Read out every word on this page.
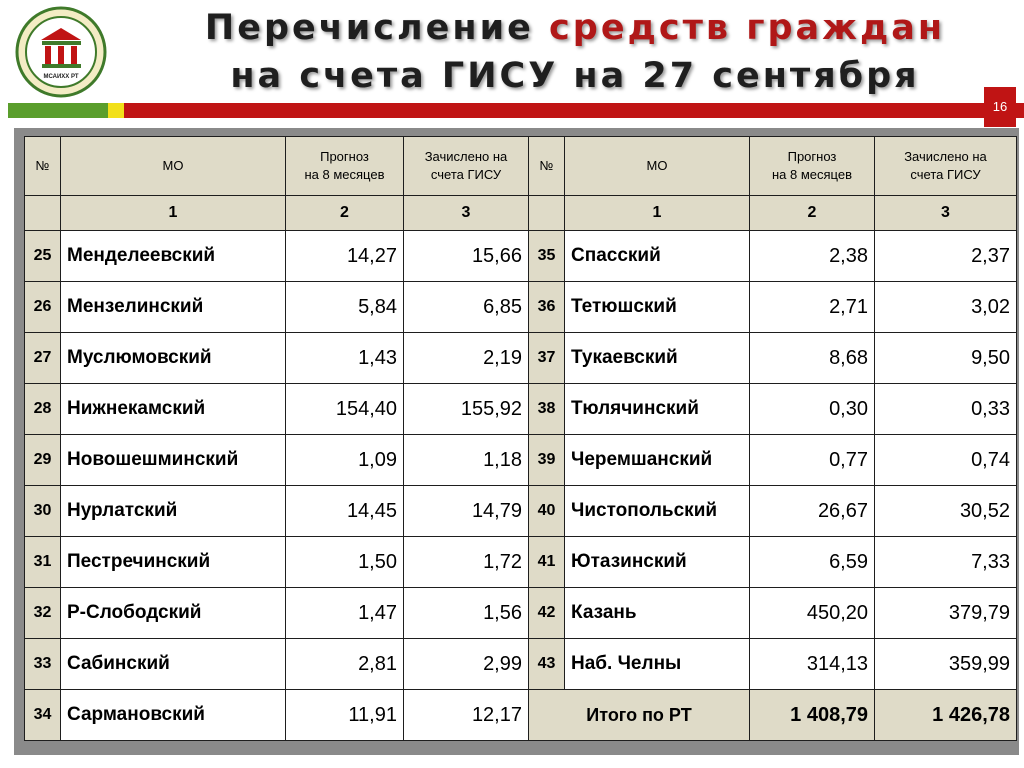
МСАИХХ РТ
Перечисление средств граждан
на счета ГИСУ на 27 сентября
16
№	МО	Прогноз
на 8 месяцев	Зачислено на
счета ГИСУ	№	МО	Прогноз
на 8 месяцев	Зачислено на
счета ГИСУ
	1	2	3		1	2	3
25	Менделеевский	14,27	15,66	35	Спасский	2,38	2,37
26	Мензелинский	5,84	6,85	36	Тетюшский	2,71	3,02
27	Муслюмовский	1,43	2,19	37	Тукаевский	8,68	9,50
28	Нижнекамский	154,40	155,92	38	Тюлячинский	0,30	0,33
29	Новошешминский	1,09	1,18	39	Черемшанский	0,77	0,74
30	Нурлатский	14,45	14,79	40	Чистопольский	26,67	30,52
31	Пестречинский	1,50	1,72	41	Ютазинский	6,59	7,33
32	Р-Слободский	1,47	1,56	42	Казань	450,20	379,79
33	Сабинский	2,81	2,99	43	Наб. Челны	314,13	359,99
34	Сармановский	11,91	12,17	Итого по РТ		1 408,79	1 426,78
